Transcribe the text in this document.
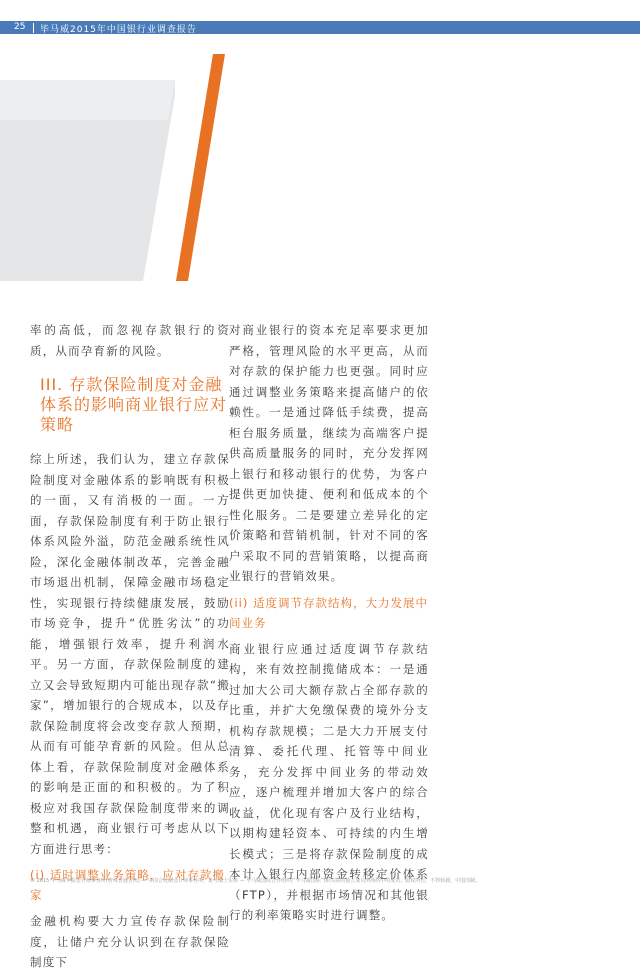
25 毕马威2015年中国银行业调查报告

率的高低，而忽视存款银行的资质，从而孕育新的风险。

III. 存款保险制度对金融体系的影响商业银行应对策略

综上所述，我们认为，建立存款保险制度对金融体系的影响既有积极的一面，又有消极的一面。一方面，存款保险制度有利于防止银行体系风险外溢，防范金融系统性风险，深化金融体制改革，完善金融市场退出机制，保障金融市场稳定性，实现银行持续健康发展，鼓励市场竞争，提升“优胜劣汰”的功能，增强银行效率，提升利润水平。另一方面，存款保险制度的建立又会导致短期内可能出现存款“搬家”，增加银行的合规成本，以及存款保险制度将会改变存款人预期，从而有可能孕育新的风险。但从总体上看，存款保险制度对金融体系的影响是正面的和积极的。为了积极应对我国存款保险制度带来的调整和机遇，商业银行可考虑从以下方面进行思考：

(i) 适时调整业务策略，应对存款搬家

金融机构要大力宣传存款保险制度，让储户充分认识到在存款保险制度下

对商业银行的资本充足率要求更加严格，管理风险的水平更高，从而对存款的保护能力也更强。同时应通过调整业务策略来提高储户的依赖性。一是通过降低手续费，提高柜台服务质量，继续为高端客户提供高质量服务的同时，充分发挥网上银行和移动银行的优势，为客户提供更加快捷、便利和低成本的个性化服务。二是要建立差异化的定价策略和营销机制，针对不同的客户采取不同的营销策略，以提高商业银行的营销效果。

(ii) 适度调节存款结构，大力发展中间业务

商业银行应通过适度调节存款结构，来有效控制揽储成本：一是通过加大公司大额存款占全部存款的比重，并扩大免缴保费的境外分支机构存款规模；二是大力开展支付清算、委托代理、托管等中间业务，充分发挥中间业务的带动效应，逐户梳理并增加大客户的综合收益，优化现有客户及行业结构，以期构建轻资本、可持续的内生增长模式；三是将存款保险制度的成本计入银行内部资金转移定价体系（FTP），并根据市场情况和其他银行的利率策略实时进行调整。

© 2015 毕马威华振会计师事务所(特殊普通合伙) — 中国合伙制会计师事务所，是与瑞士实体 — 毕马威国际合作组织(“毕马威国际”)相关联的独立成员所网络中的成员。版权所有，不得转载。中国印制。
